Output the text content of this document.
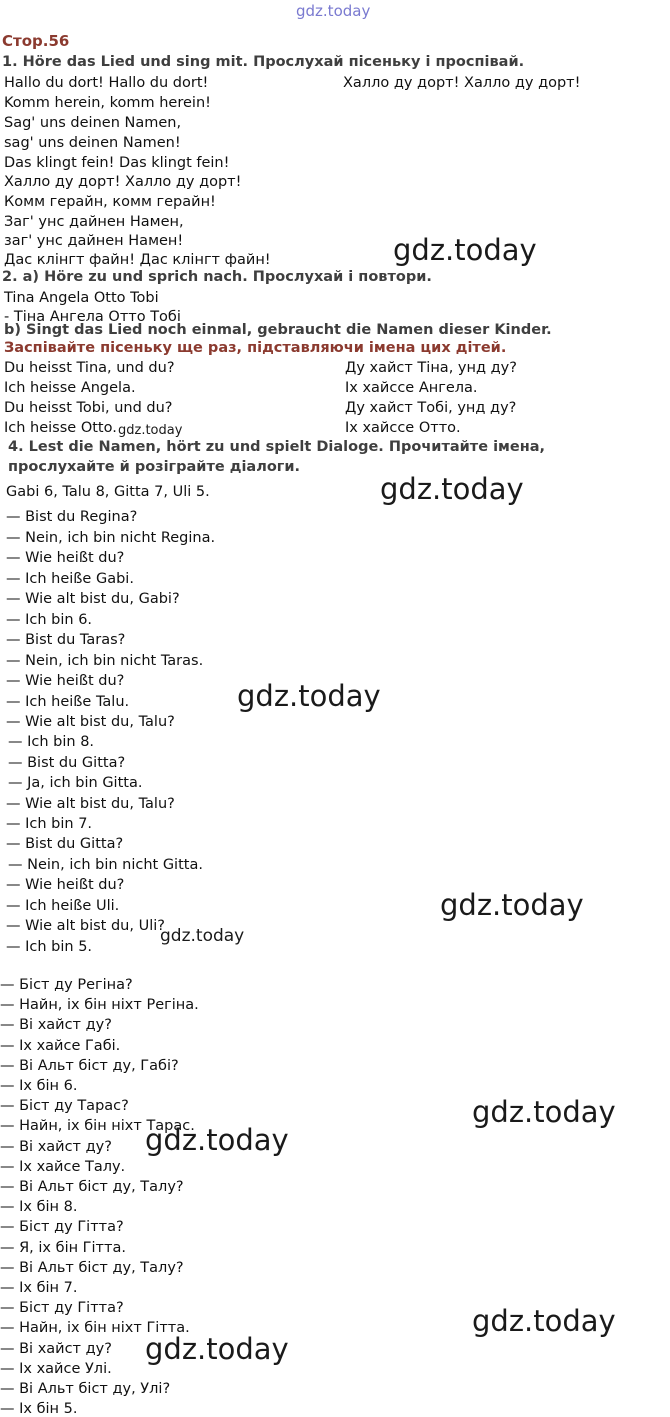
gdz.today
Стор.56
1. Höre das Lied und sing mit. Прослухай пісеньку і проспівай.
Hallo du dort! Hallo du dort!	Халло ду дорт! Халло ду дорт!
Komm herein, komm herein!
Sag' uns deinen Namen,
sag' uns deinen Namen!
Das klingt fein! Das klingt fein!
Халло ду дорт! Халло ду дорт!
Комм герайн, комм герайн!
Заг' унс дайнен Намен,
заг' унс дайнен Намен!
Дас клінгт файн! Дас клінгт файн!	gdz.today
2. a) Höre zu und sprich nach. Прослухай і повтори.
Tina Angela Otto Tobi
- Тіна Ангела Отто Тобі
b) Singt das Lied noch einmal, gebraucht die Namen dieser Kinder.
Заспівайте пісеньку ще раз, підставляючи імена цих дітей.
Du heisst Tina, und du?	Ду хайст Тіна, унд ду?
Ich heisse Angela.	Іх хайссе Ангела.
Du heisst Tobi, und du?	Ду хайст Тобі, унд ду?
Ich heisse Otto. gdz.today	Іх хайссе Отто.
4. Lest die Namen, hört zu und spielt Dialoge. Прочитайте імена,
прослухайте й розіграйте діалоги.
Gabi 6, Talu 8, Gitta 7, Uli 5.	gdz.today
— Bist du Regina?
— Nein, ich bin nicht Regina.
— Wie heißt du?
— Ich heiße Gabi.
— Wie alt bist du, Gabi?
— Ich bin 6.
— Bist du Taras?
— Nein, ich bin nicht Taras.
— Wie heißt du?
— Ich heiße Talu.
— Wie alt bist du, Talu?
— Ich bin 8.
— Bist du Gitta?
— Ja, ich bin Gitta.
— Wie alt bist du, Talu?
— Ich bin 7.
— Bist du Gitta?
— Nein, ich bin nicht Gitta.
— Wie heißt du?
— Ich heiße Uli.
— Wie alt bist du, Uli?
— Ich bin 5.
gdz.today
gdz.today
gdz.today
— Біст ду Регіна?
— Найн, іх бін ніхт Регіна.
— Ві хайст ду?
— Іх хайсе Габі.
— Ві Альт біст ду, Габі?
— Іх бін 6.
— Біст ду Тарас?
— Найн, іх бін ніхт Тарас.
— Ві хайст ду?
— Іх хайсе Талу.
— Ві Альт біст ду, Талу?
— Іх бін 8.
— Біст ду Гітта?
— Я, іх бін Гітта.
— Ві Альт біст ду, Талу?
— Іх бін 7.
— Біст ду Гітта?
— Найн, іх бін ніхт Гітта.
— Ві хайст ду?
— Іх хайсе Улі.
— Ві Альт біст ду, Улі?
— Іх бін 5.
gdz.today
gdz.today
gdz.today
gdz.today
